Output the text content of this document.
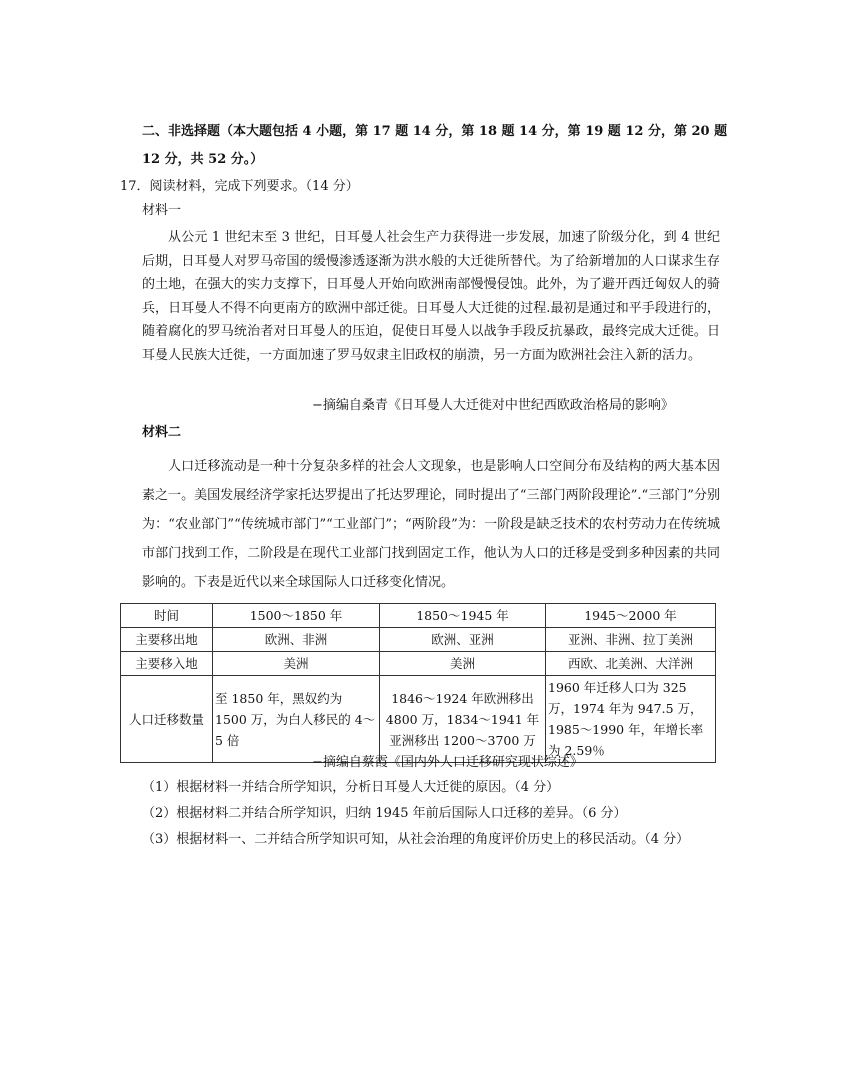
二、非选择题（本大题包括 4 小题，第 17 题 14 分，第 18 题 14 分，第 19 题 12 分，第 20 题 12 分，共 52 分。）
17．阅读材料，完成下列要求。（14 分）
材料一
从公元 1 世纪末至 3 世纪，日耳曼人社会生产力获得进一步发展，加速了阶级分化，到 4 世纪后期，日耳曼人对罗马帝国的缓慢渗透逐渐为洪水般的大迁徙所替代。为了给新增加的人口谋求生存的土地，在强大的实力支撑下，日耳曼人开始向欧洲南部慢慢侵蚀。此外，为了避开西迁匈奴人的骑兵，日耳曼人不得不向更南方的欧洲中部迁徙。日耳曼人大迁徙的过程.最初是通过和平手段进行的，随着腐化的罗马统治者对日耳曼人的压迫，促使日耳曼人以战争手段反抗暴政，最终完成大迁徙。日耳曼人民族大迁徙，一方面加速了罗马奴隶主旧政权的崩溃，另一方面为欧洲社会注入新的活力。
−摘编自桑青《日耳曼人大迁徙对中世纪西欧政治格局的影响》
材料二
人口迁移流动是一种十分复杂多样的社会人文现象，也是影响人口空间分布及结构的两大基本因素之一。美国发展经济学家托达罗提出了托达罗理论，同时提出了“三部门两阶段理论”.“三部门”分别为：“农业部门”“传统城市部门”“工业部门”；“两阶段”为：一阶段是缺乏技术的农村劳动力在传统城市部门找到工作，二阶段是在现代工业部门找到固定工作，他认为人口的迁移是受到多种因素的共同影响的。下表是近代以来全球国际人口迁移变化情况。
时间	1500～1850 年	1850～1945 年	1945～2000 年
主要移出地	欧洲、非洲	欧洲、亚洲	亚洲、非洲、拉丁美洲
主要移入地	美洲	美洲	西欧、北美洲、大洋洲
人口迁移数量	至 1850 年，黑奴约为 1500 万，为白人移民的 4～5 倍	1846～1924 年欧洲移出 4800 万，1834～1941 年亚洲移出 1200～3700 万	1960 年迁移人口为 325 万，1974 年为 947.5 万，1985～1990 年，年增长率为 2.59％
−摘编自蔡霞《国内外人口迁移研究现状综述》
（1）根据材料一并结合所学知识，分析日耳曼人大迁徙的原因。（4 分）
（2）根据材料二并结合所学知识，归纳 1945 年前后国际人口迁移的差异。（6 分）
（3）根据材料一、二并结合所学知识可知，从社会治理的角度评价历史上的移民活动。（4 分）
